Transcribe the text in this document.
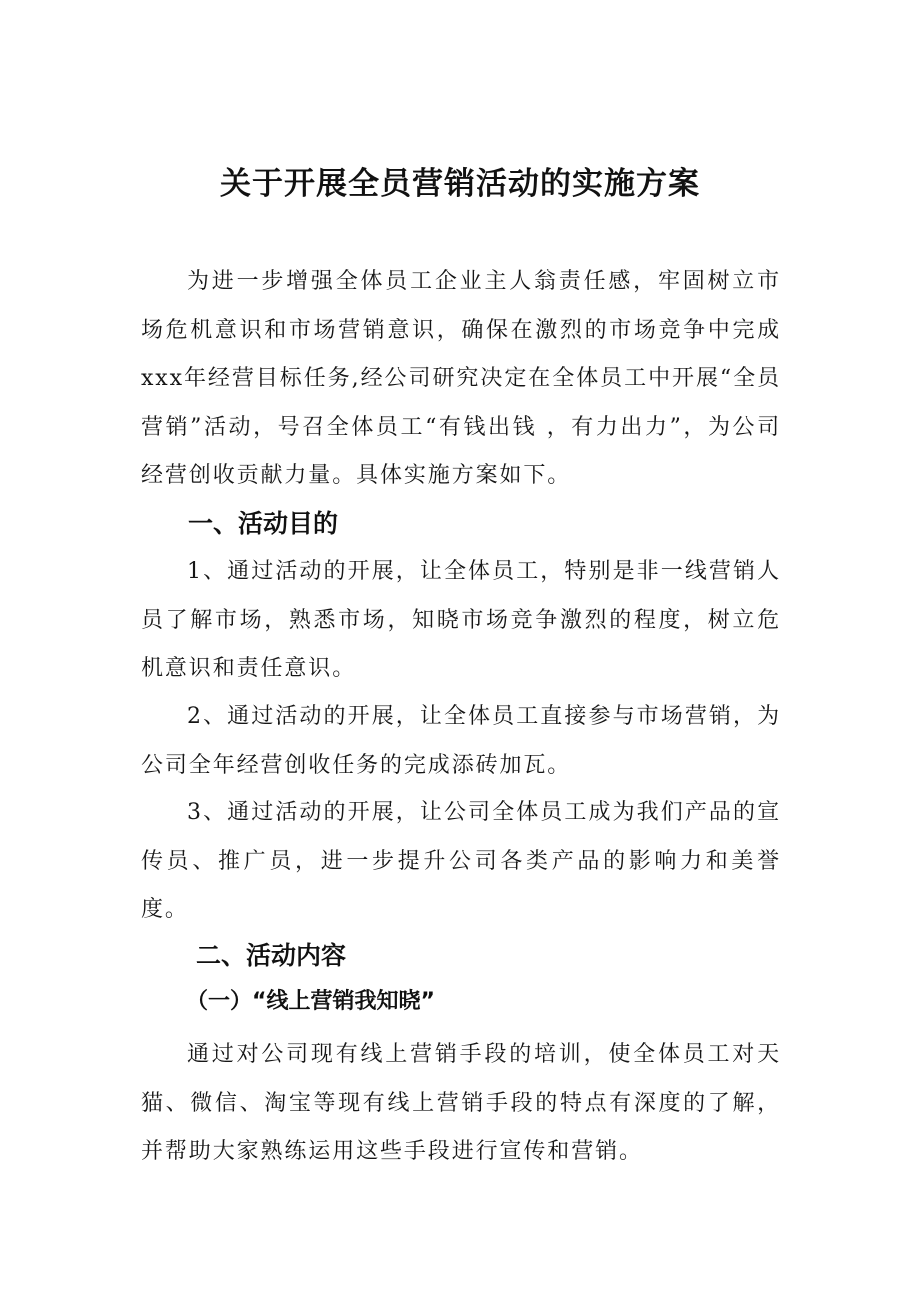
关于开展全员营销活动的实施方案

为进一步增强全体员工企业主人翁责任感，牢固树立市场危机意识和市场营销意识，确保在激烈的市场竞争中完成xxx年经营目标任务,经公司研究决定在全体员工中开展“全员营销”活动，号召全体员工“有钱出钱 ，有力出力”，为公司经营创收贡献力量。具体实施方案如下。

一、活动目的

1、通过活动的开展，让全体员工，特别是非一线营销人员了解市场，熟悉市场，知晓市场竞争激烈的程度，树立危机意识和责任意识。

2、通过活动的开展，让全体员工直接参与市场营销，为公司全年经营创收任务的完成添砖加瓦。

3、通过活动的开展，让公司全体员工成为我们产品的宣传员、推广员，进一步提升公司各类产品的影响力和美誉度。

二、活动内容
（一）“线上营销我知晓”

通过对公司现有线上营销手段的培训，使全体员工对天猫、微信、淘宝等现有线上营销手段的特点有深度的了解，并帮助大家熟练运用这些手段进行宣传和营销。
